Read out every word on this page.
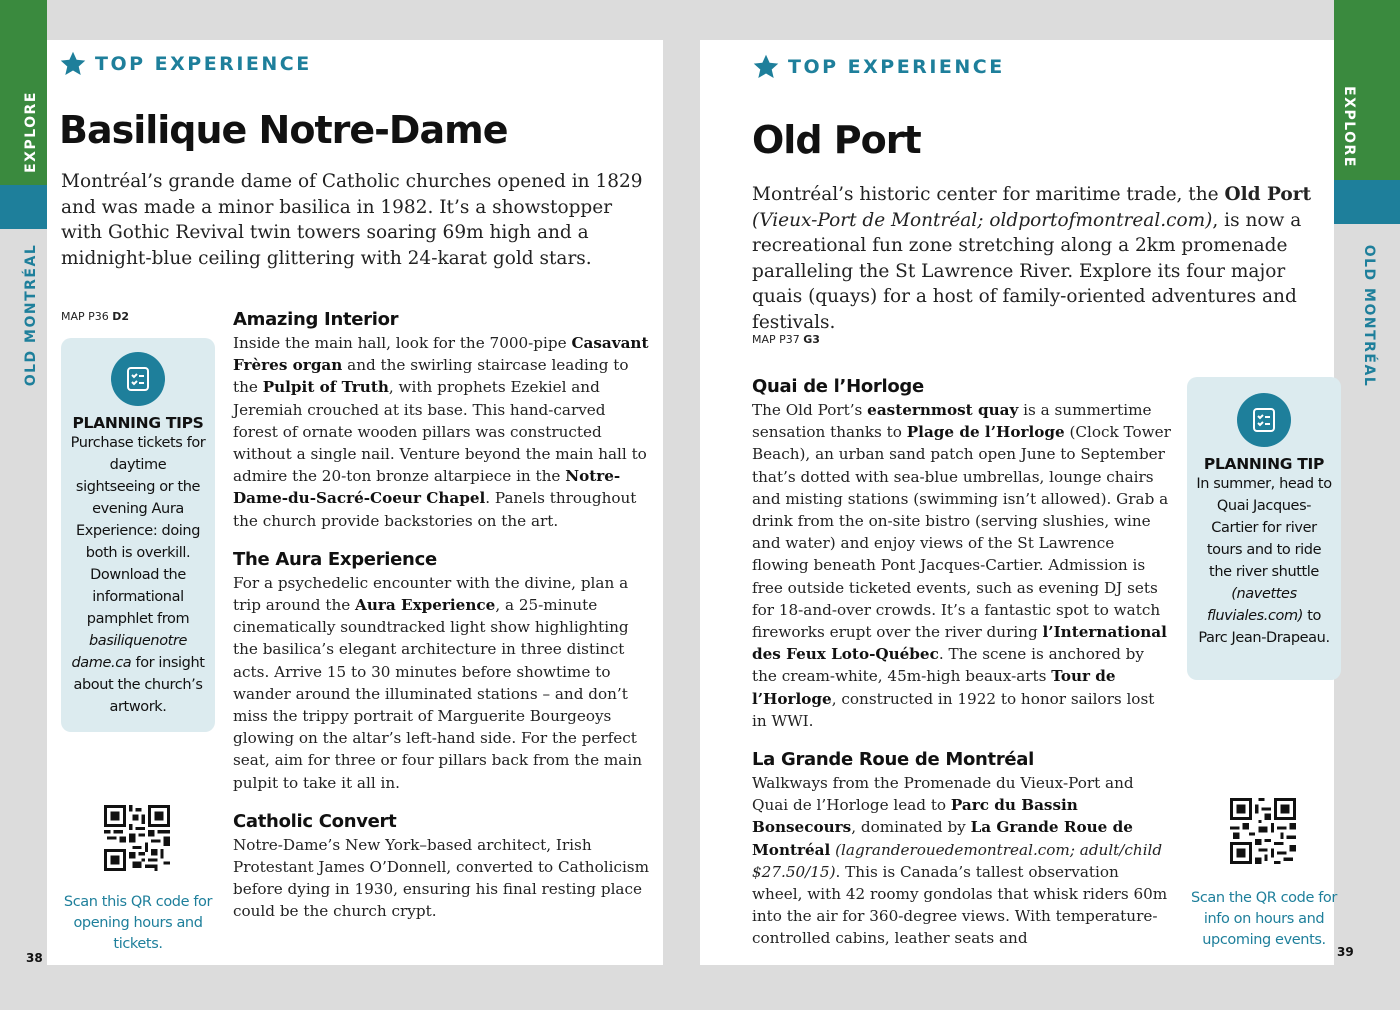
EXPLORE
OLD MONTRÉAL
EXPLORE
OLD MONTRÉAL
TOP EXPERIENCE
Basilique Notre-Dame
Montréal’s grande dame of Catholic churches opened in 1829 and was made a minor basilica in 1982. It’s a showstopper with Gothic Revival twin towers soaring 69m high and a midnight-blue ceiling glittering with 24-karat gold stars.
MAP P36 D2
PLANNING TIPS
Purchase tickets for daytime sightseeing or the evening Aura Experience: doing both is overkill. Download the informational pamphlet from basiliquenotre dame.ca for insight about the church’s artwork.
Scan this QR code for opening hours and tickets.
Amazing Interior

Inside the main hall, look for the 7000-pipe Casavant Frères organ and the swirling staircase leading to the Pulpit of Truth, with prophets Ezekiel and Jeremiah crouched at its base. This hand-carved forest of ornate wooden pillars was constructed without a single nail. Venture beyond the main hall to admire the 20-ton bronze altarpiece in the Notre-Dame-du-Sacré-Coeur Chapel. Panels throughout the church provide backstories on the art.

The Aura Experience

For a psychedelic encounter with the divine, plan a trip around the Aura Experience, a 25-minute cinematically soundtracked light show highlighting the basilica’s elegant architecture in three distinct acts. Arrive 15 to 30 minutes before showtime to wander around the illuminated stations – and don’t miss the trippy portrait of Marguerite Bourgeoys glowing on the altar’s left-hand side. For the perfect seat, aim for three or four pillars back from the main pulpit to take it all in.

Catholic Convert

Notre-Dame’s New York–based architect, Irish Protestant James O’Donnell, converted to Catholicism before dying in 1930, ensuring his final resting place could be the church crypt.

38
TOP EXPERIENCE
Old Port
Montréal’s historic center for maritime trade, the Old Port (Vieux-Port de Montréal; oldportofmontreal.com), is now a recreational fun zone stretching along a 2km promenade paralleling the St Lawrence River. Explore its four major quais (quays) for a host of family-oriented adventures and festivals.
MAP P37 G3
Quai de l’Horloge

The Old Port’s easternmost quay is a summertime sensation thanks to Plage de l’Horloge (Clock Tower Beach), an urban sand patch open June to September that’s dotted with sea-blue umbrellas, lounge chairs and misting stations (swimming isn’t allowed). Grab a drink from the on-site bistro (serving slushies, wine and water) and enjoy views of the St Lawrence flowing beneath Pont Jacques-Cartier. Admission is free outside ticketed events, such as evening DJ sets for 18-and-over crowds. It’s a fantastic spot to watch fireworks erupt over the river during l’International des Feux Loto-Québec. The scene is anchored by the cream-white, 45m-high beaux-arts Tour de l’Horloge, constructed in 1922 to honor sailors lost in WWI.

La Grande Roue de Montréal

Walkways from the Promenade du Vieux-Port and Quai de l’Horloge lead to Parc du Bassin Bonsecours, dominated by La Grande Roue de Montréal (lagranderouedemontreal.com; adult/child $27.50/15). This is Canada’s tallest observation wheel, with 42 roomy gondolas that whisk riders 60m into the air for 360-degree views. With temperature-controlled cabins, leather seats and

PLANNING TIP
In summer, head to Quai Jacques-Cartier for river tours and to ride the river shuttle (navettes fluviales.com) to Parc Jean-Drapeau.
Scan the QR code for info on hours and upcoming events.
39
